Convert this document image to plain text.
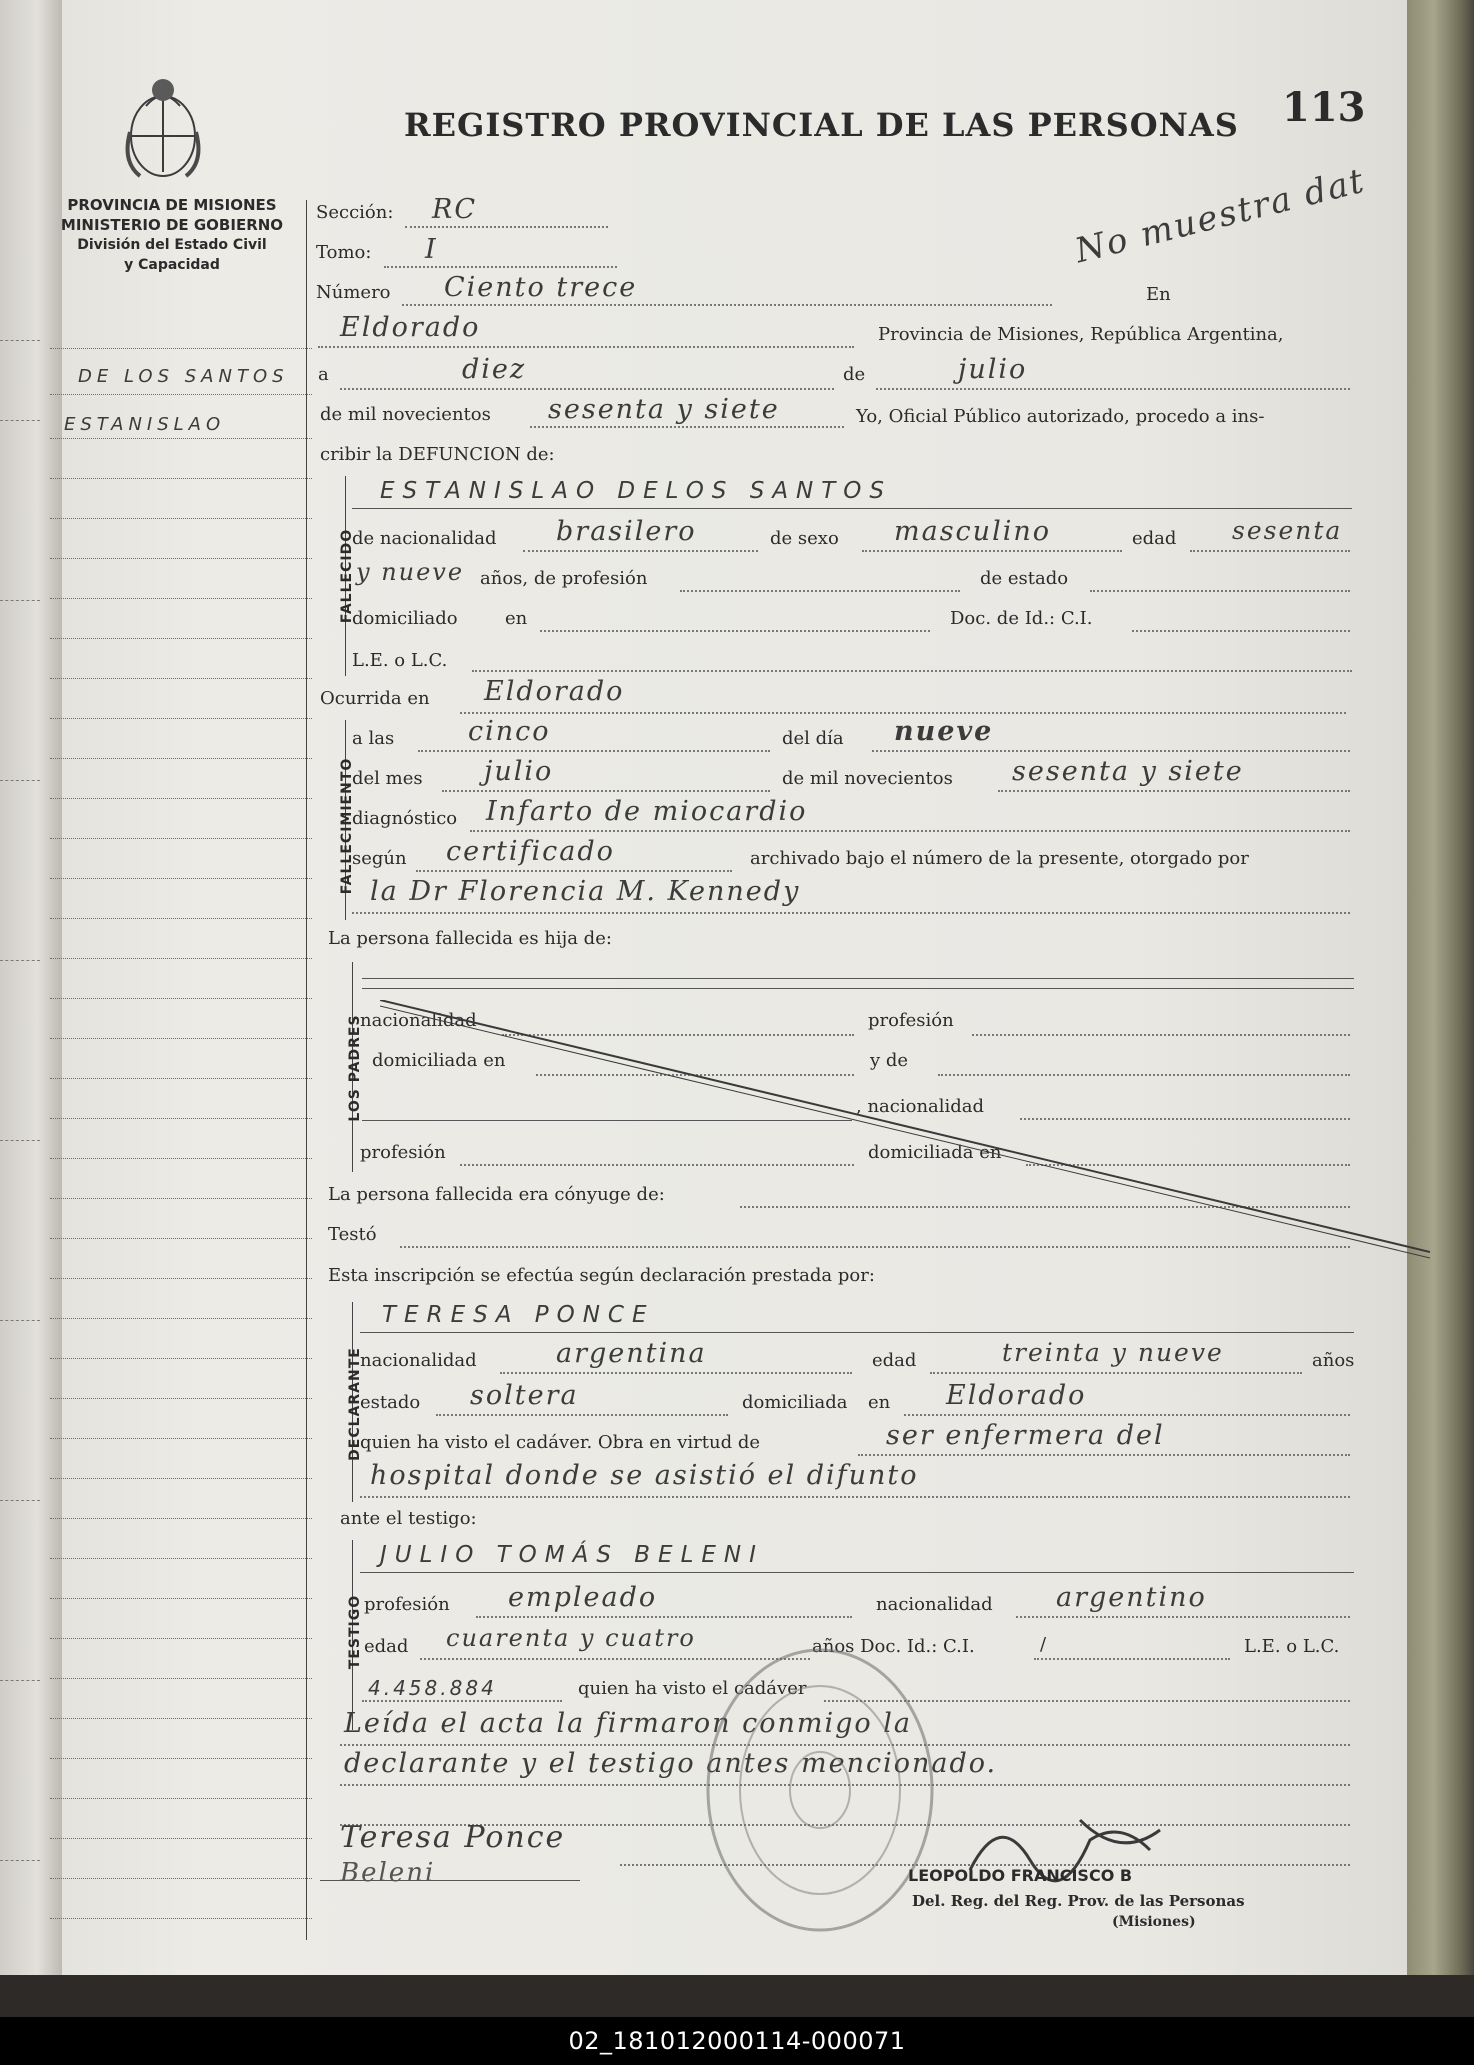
02_181012000114-000071
PROVINCIA DE MISIONES
MINISTERIO DE GOBIERNO
División del Estado Civil
y Capacidad
REGISTRO PROVINCIAL DE LAS PERSONAS 113
No muestra dat
DE LOS SANTOS
ESTANISLAO
Sección: RC
Tomo: I
Número Ciento trece	En
Eldorado	Provincia de Misiones, República Argentina,
a	diez	de	julio
de mil novecientos sesenta y siete	Yo, Oficial Público autorizado, procedo a ins-
cribir la DEFUNCION de:
FALLECIDO
ESTANISLAO DELOS SANTOS
de nacionalidad brasilero	de sexo masculino	edad sesenta
y nueve años, de profesión	de estado
domiciliado	en	Doc. de Id.: C.I.
L.E. o L.C.
Ocurrida en Eldorado
FALLECIMIENTO
a las	cinco	del día nueve
del mes julio	de mil novecientos sesenta y siete
diagnóstico Infarto de miocardio
según certificado	archivado bajo el número de la presente, otorgado por
la Dr Florencia M. Kennedy
La persona fallecida es hija de:
LOS PADRES
nacionalidad	profesión
domiciliada en	y de
, nacionalidad
profesión	domiciliada en
La persona fallecida era cónyuge de:
Testó
Esta inscripción se efectúa según declaración prestada por:
DECLARANTE
TERESA PONCE
nacionalidad	argentina	edad	treinta y nueve	años
estado soltera	domiciliada en Eldorado
quien ha visto el cadáver. Obra en virtud de	ser enfermera del
hospital donde se asistió el difunto
ante el testigo:
TESTIGO
JULIO TOMÁS BELENI
profesión empleado	nacionalidad argentino
edad cuarenta y cuatro	años Doc. Id.: C.I.	/	L.E. o L.C.
4.458.884	quien ha visto el cadáver
Leída el acta la firmaron conmigo la
declarante y el testigo antes mencionado.
Teresa Ponce
Beleni	LEOPOLDO FRANCISCO B
Del. Reg. del Reg. Prov. de las Personas
(Misiones)
